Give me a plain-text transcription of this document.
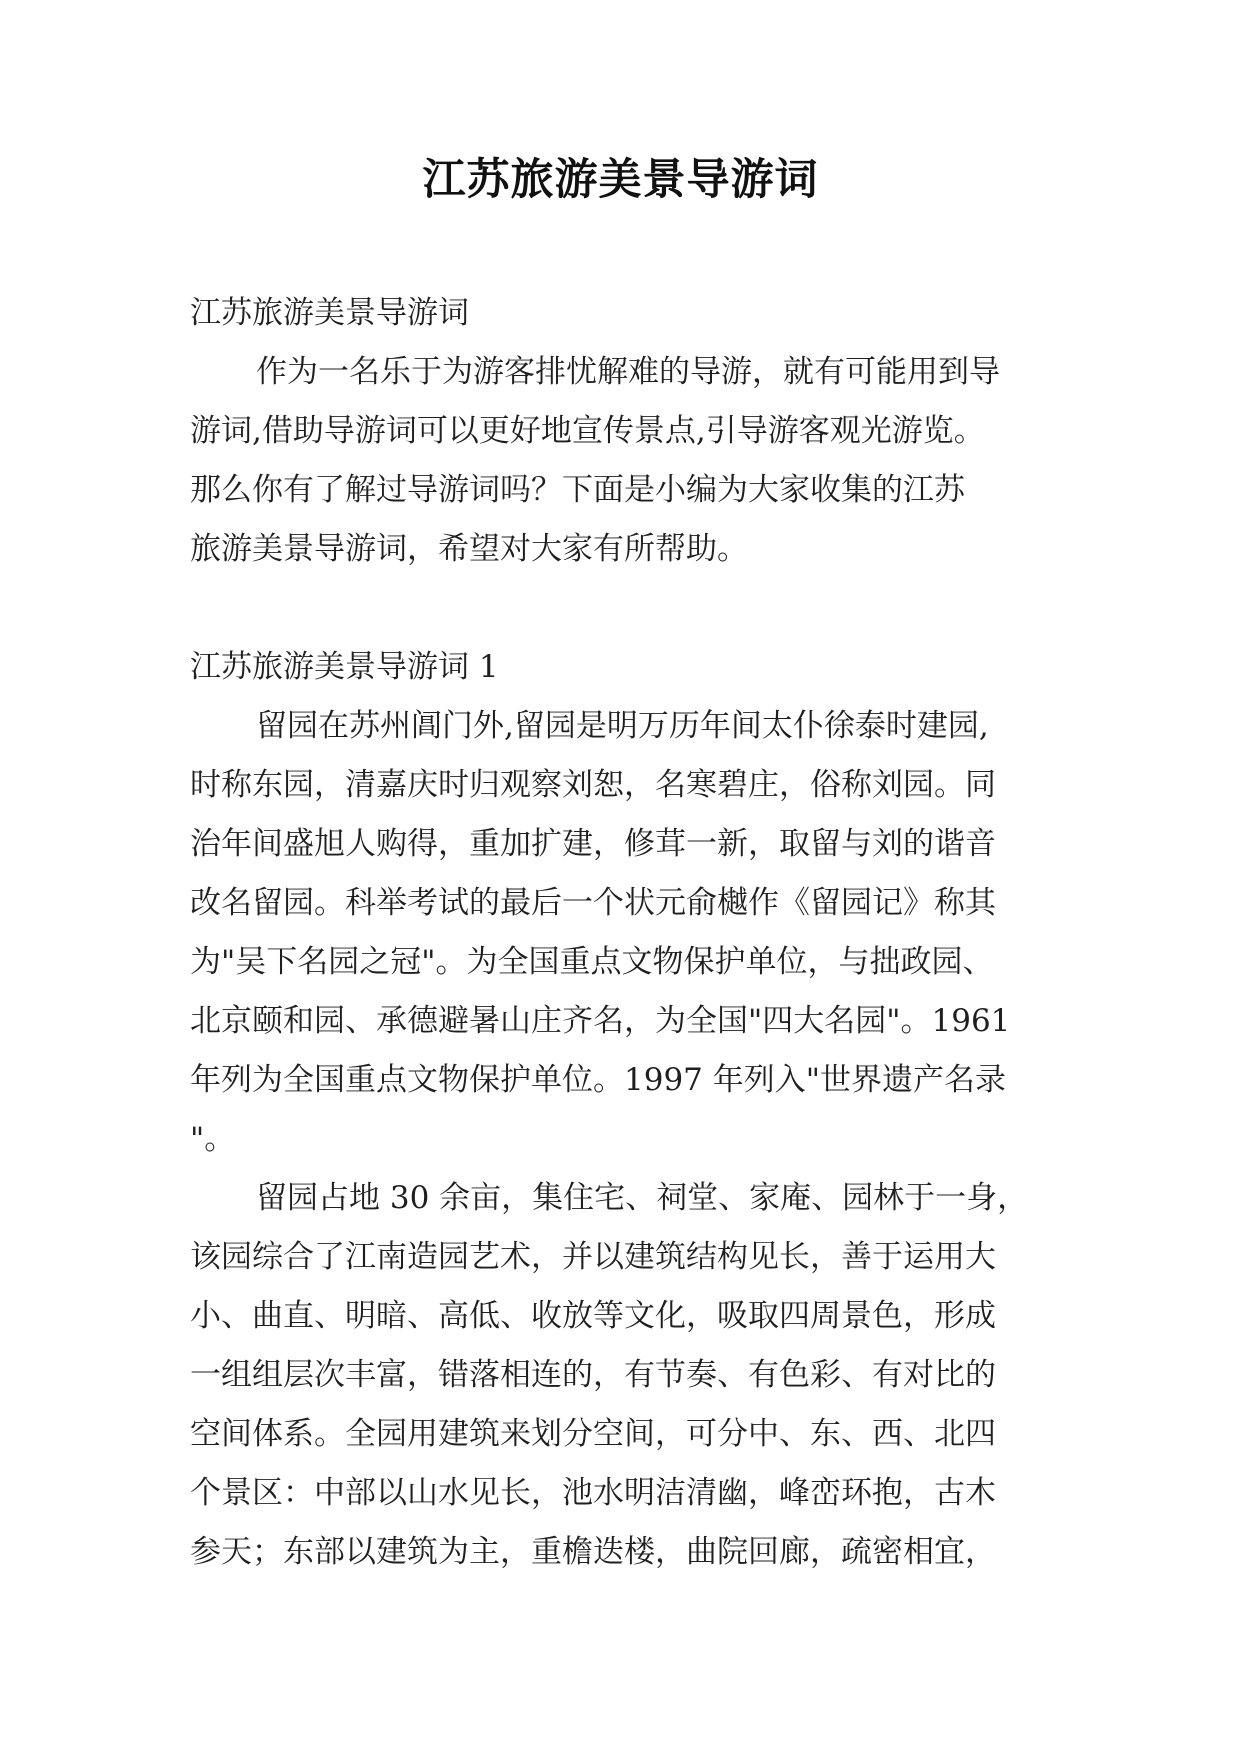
江苏旅游美景导游词
江苏旅游美景导游词
作为一名乐于为游客排忧解难的导游，就有可能用到导
游词,借助导游词可以更好地宣传景点,引导游客观光游览。
那么你有了解过导游词吗？下面是小编为大家收集的江苏
旅游美景导游词，希望对大家有所帮助。
江苏旅游美景导游词 1
留园在苏州阊门外,留园是明万历年间太仆徐泰时建园,
时称东园，清嘉庆时归观察刘恕，名寒碧庄，俗称刘园。同
治年间盛旭人购得，重加扩建，修茸一新，取留与刘的谐音
改名留园。科举考试的最后一个状元俞樾作《留园记》称其
为"吴下名园之冠"。为全国重点文物保护单位，与拙政园、
北京颐和园、承德避暑山庄齐名，为全国"四大名园"。1961
年列为全国重点文物保护单位。1997 年列入"世界遗产名录
"。
留园占地 30 余亩，集住宅、祠堂、家庵、园林于一身，
该园综合了江南造园艺术，并以建筑结构见长，善于运用大
小、曲直、明暗、高低、收放等文化，吸取四周景色，形成
一组组层次丰富，错落相连的，有节奏、有色彩、有对比的
空间体系。全园用建筑来划分空间，可分中、东、西、北四
个景区：中部以山水见长，池水明洁清幽，峰峦环抱，古木
参天；东部以建筑为主，重檐迭楼，曲院回廊，疏密相宜，
